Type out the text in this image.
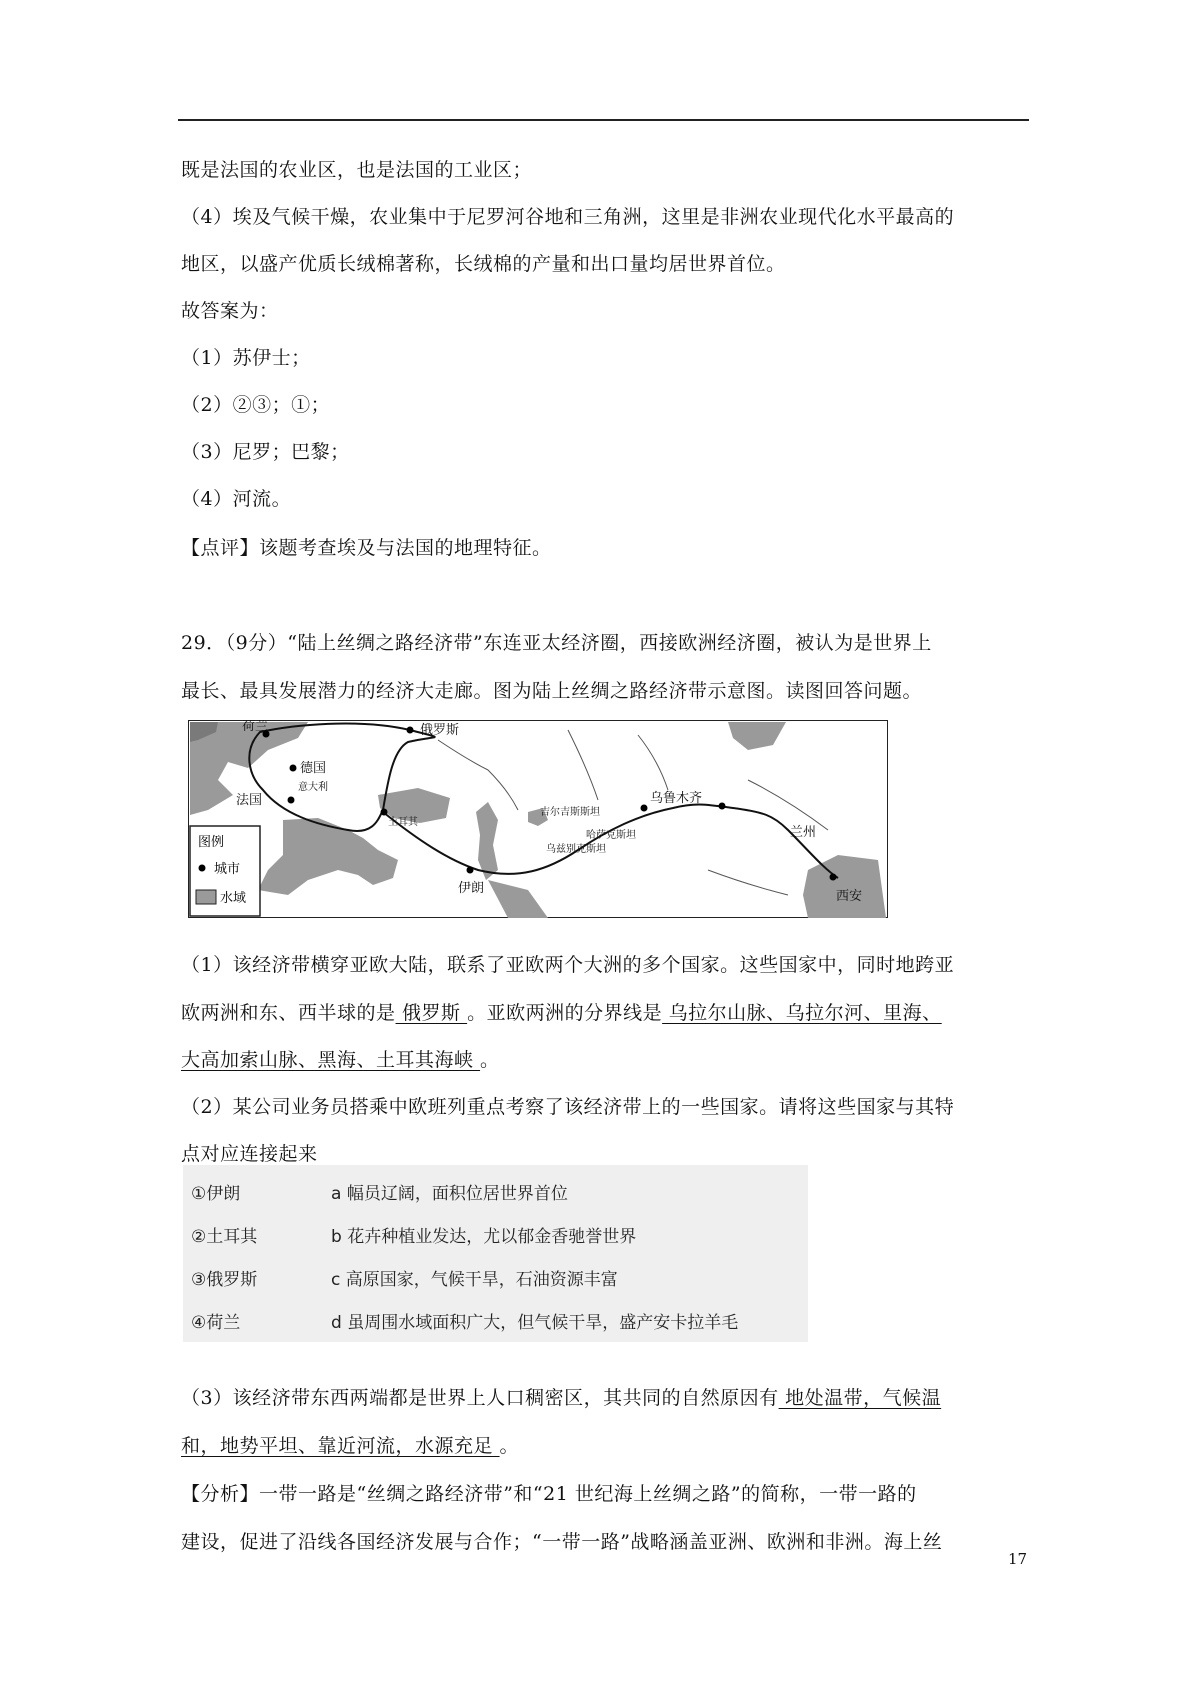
既是法国的农业区，也是法国的工业区；
（4）埃及气候干燥，农业集中于尼罗河谷地和三角洲，这里是非洲农业现代化水平最高的
地区，以盛产优质长绒棉著称，长绒棉的产量和出口量均居世界首位。
故答案为：
（1）苏伊士；
（2）②③；①；
（3）尼罗；巴黎；
（4）河流。
【点评】该题考查埃及与法国的地理特征。
29．（9分）“陆上丝绸之路经济带”东连亚太经济圈，西接欧洲经济圈，被认为是世界上
最长、最具发展潜力的经济大走廊。图为陆上丝绸之路经济带示意图。读图回答问题。
荷兰	俄罗斯
德国
意大利
法国
土耳其
吉尔吉斯斯坦
乌鲁木齐
哈萨克斯坦
乌兹别克斯坦
兰州
伊朗
西安
图例
城市
水域
（1）该经济带横穿亚欧大陆，联系了亚欧两个大洲的多个国家。这些国家中，同时地跨亚
欧两洲和东、西半球的是 俄罗斯 。亚欧两洲的分界线是 乌拉尔山脉、乌拉尔河、里海、
大高加索山脉、黑海、土耳其海峡 。
（2）某公司业务员搭乘中欧班列重点考察了该经济带上的一些国家。请将这些国家与其特
点对应连接起来
①伊朗	a 幅员辽阔，面积位居世界首位
②土耳其	b 花卉种植业发达，尤以郁金香驰誉世界
③俄罗斯	c 高原国家，气候干旱，石油资源丰富
④荷兰	d 虽周围水域面积广大，但气候干旱，盛产安卡拉羊毛
（3）该经济带东西两端都是世界上人口稠密区，其共同的自然原因有 地处温带，气候温
和，地势平坦、靠近河流，水源充足 。
【分析】一带一路是“丝绸之路经济带”和“21 世纪海上丝绸之路”的简称，一带一路的
建设，促进了沿线各国经济发展与合作；“一带一路”战略涵盖亚洲、欧洲和非洲。海上丝
17
